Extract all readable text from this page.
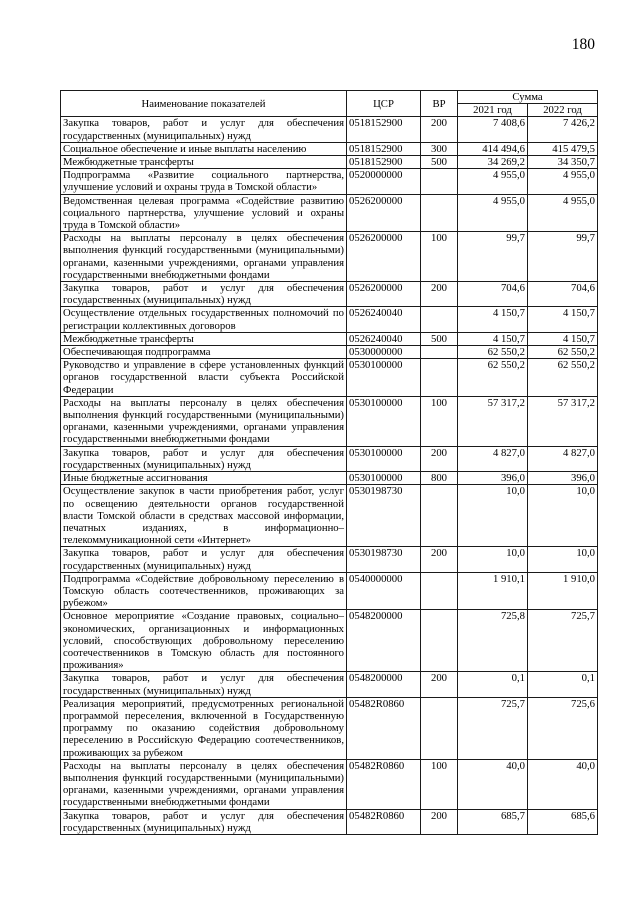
180
Наименование показателей	ЦСР	ВР	Сумма	
			2021 год	2022 год

Закупка товаров, работ и услуг для обеспечения
государственных (муниципальных) нужд	0518152900	200	7 408,6	7 426,2

Социальное обеспечение и иные выплаты населению	0518152900	300	414 494,6	415 479,5

Межбюджетные трансферты	0518152900	500	34 269,2	34 350,7

Подпрограмма «Развитие социального партнерства,
улучшение условий и охраны труда в Томской области»	0520000000		4 955,0	4 955,0

Ведомственная целевая программа «Содействие развитию
социального партнерства, улучшение условий и охраны
труда в Томской области»	0526200000		4 955,0	4 955,0

Расходы на выплаты персоналу в целях обеспечения
выполнения функций государственными (муниципальными)
органами, казенными учреждениями, органами управления
государственными внебюджетными фондами	0526200000	100	99,7	99,7

Закупка товаров, работ и услуг для обеспечения
государственных (муниципальных) нужд	0526200000	200	704,6	704,6

Осуществление отдельных государственных полномочий по
регистрации коллективных договоров	0526240040		4 150,7	4 150,7

Межбюджетные трансферты	0526240040	500	4 150,7	4 150,7

Обеспечивающая подпрограмма	0530000000		62 550,2	62 550,2

Руководство и управление в сфере установленных функций
органов государственной власти субъекта Российской
Федерации	0530100000		62 550,2	62 550,2

Расходы на выплаты персоналу в целях обеспечения
выполнения функций государственными (муниципальными)
органами, казенными учреждениями, органами управления
государственными внебюджетными фондами	0530100000	100	57 317,2	57 317,2

Закупка товаров, работ и услуг для обеспечения
государственных (муниципальных) нужд	0530100000	200	4 827,0	4 827,0

Иные бюджетные ассигнования	0530100000	800	396,0	396,0

Осуществление закупок в части приобретения работ, услуг
по освещению деятельности органов государственной
власти Томской области в средствах массовой информации,
печатных изданиях, в информационно–
телекоммуникационной сети «Интернет»	0530198730		10,0	10,0

Закупка товаров, работ и услуг для обеспечения
государственных (муниципальных) нужд	0530198730	200	10,0	10,0

Подпрограмма «Содействие добровольному переселению в
Томскую область соотечественников, проживающих за
рубежом»	0540000000		1 910,1	1 910,0

Основное мероприятие «Создание правовых, социально–
экономических, организационных и информационных
условий, способствующих добровольному переселению
соотечественников в Томскую область для постоянного
проживания»	0548200000		725,8	725,7

Закупка товаров, работ и услуг для обеспечения
государственных (муниципальных) нужд	0548200000	200	0,1	0,1

Реализация мероприятий, предусмотренных региональной
программой переселения, включенной в Государственную
программу по оказанию содействия добровольному
переселению в Российскую Федерацию соотечественников,
проживающих за рубежом	05482R0860		725,7	725,6

Расходы на выплаты персоналу в целях обеспечения
выполнения функций государственными (муниципальными)
органами, казенными учреждениями, органами управления
государственными внебюджетными фондами	05482R0860	100	40,0	40,0

Закупка товаров, работ и услуг для обеспечения
государственных (муниципальных) нужд	05482R0860	200	685,7	685,6
